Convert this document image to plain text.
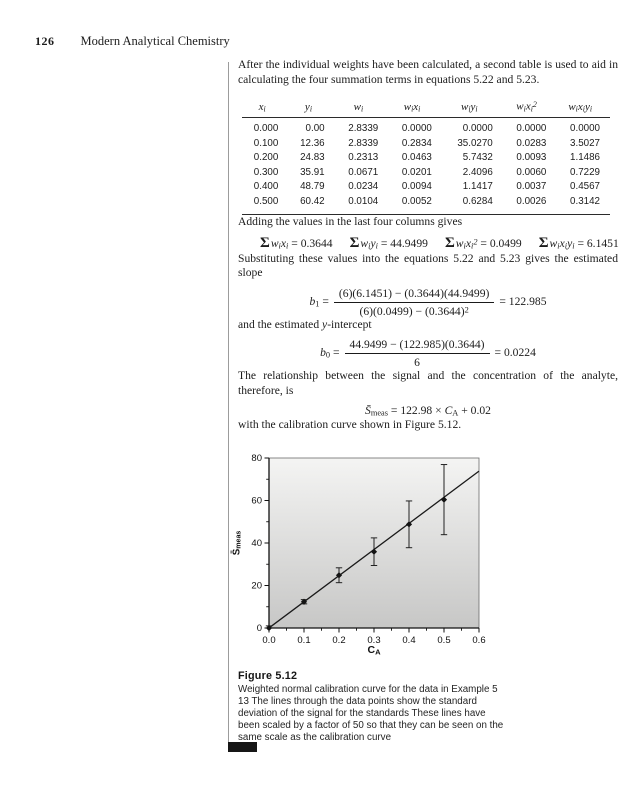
126 Modern Analytical Chemistry

After the individual weights have been calculated, a second table is used to aid in calculating the four summation terms in equations 5.22 and 5.23.

$x_i$	$y_i$	$w_i$	$w_ix_i$	$w_iy_i$	$w_ix_i^2$	$w_ix_iy_i$
0.000	0.00	2.8339	0.0000	0.0000	0.0000	0.0000
0.100	12.36	2.8339	0.2834	35.0270	0.0283	3.5027
0.200	24.83	0.2313	0.0463	5.7432	0.0093	1.1486
0.300	35.91	0.0671	0.0201	2.4096	0.0060	0.7229
0.400	48.79	0.0234	0.0094	1.1417	0.0037	0.4567
0.500	60.42	0.0104	0.0052	0.6284	0.0026	0.3142

Adding the values in the last four columns gives

$\Sigma w_ix_i = 0.3644$ $\Sigma w_iy_i = 44.9499$ $\Sigma w_ix_i^2 = 0.0499$ $\Sigma w_ix_iy_i = 6.1451$

Substituting these values into the equations 5.22 and 5.23 gives the estimated slope

$b_1 = \frac{(6)(6.1451) - (0.3644)(44.9499)}{(6)(0.0499) - (0.3644)^2} = 122.985$

and the estimated y-intercept

$b_0 = \frac{44.9499 - (122.985)(0.3644)}{6} = 0.0224$

The relationship between the signal and the concentration of the analyte, therefore, is

$S̄_{meas} = 122.98 \times C_A + 0.02$

with the calibration curve shown in Figure 5.12.

0.0 0.1 0.2 0.3 0.4 0.5 0.6
0
20
40
60
80
$S̄_{meas}$
$C_A$
Figure 5.12
Weighted normal calibration curve for the data in Example 5 13 The lines through the data points show the standard deviation of the signal for the standards These lines have been scaled by a factor of 50 so that they can be seen on the same scale as the calibration curve
